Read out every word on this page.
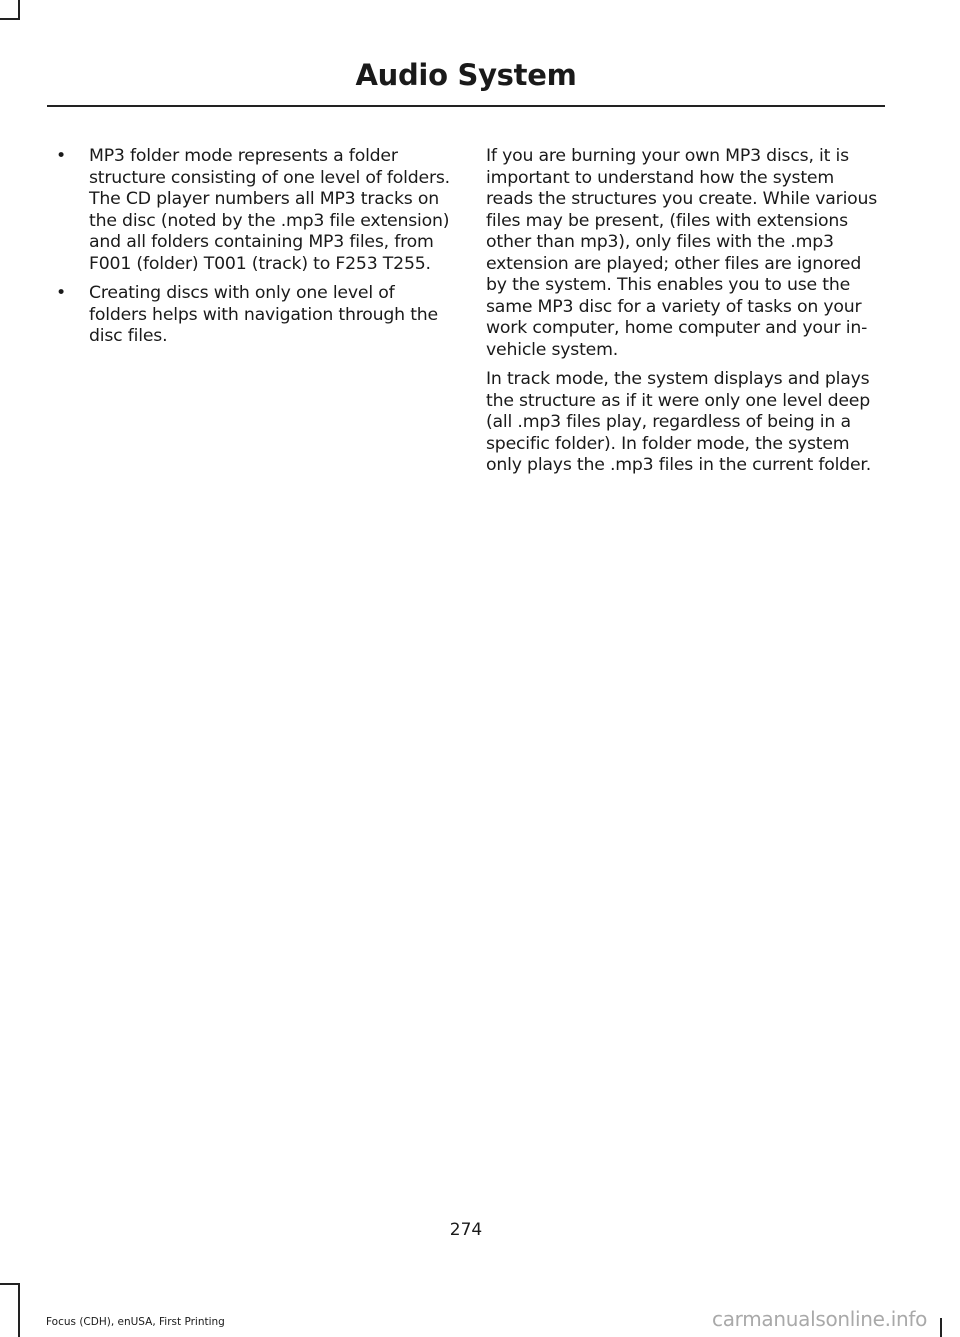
Audio System
•	MP3 folder mode represents a folder structure consisting of one level of folders. The CD player numbers all MP3 tracks on the disc (noted by the .mp3 file extension) and all folders containing MP3 files, from F001 (folder) T001 (track) to F253 T255.
•	Creating discs with only one level of folders helps with navigation through the disc files.

If you are burning your own MP3 discs, it is important to understand how the system reads the structures you create. While various files may be present, (files with extensions other than mp3), only files with the .mp3 extension are played; other files are ignored by the system. This enables you to use the same MP3 disc for a variety of tasks on your work computer, home computer and your in-vehicle system.

In track mode, the system displays and plays the structure as if it were only one level deep (all .mp3 files play, regardless of being in a specific folder). In folder mode, the system only plays the .mp3 files in the current folder.

274
Focus (CDH), enUSA, First Printing	carmanualsonline.info
